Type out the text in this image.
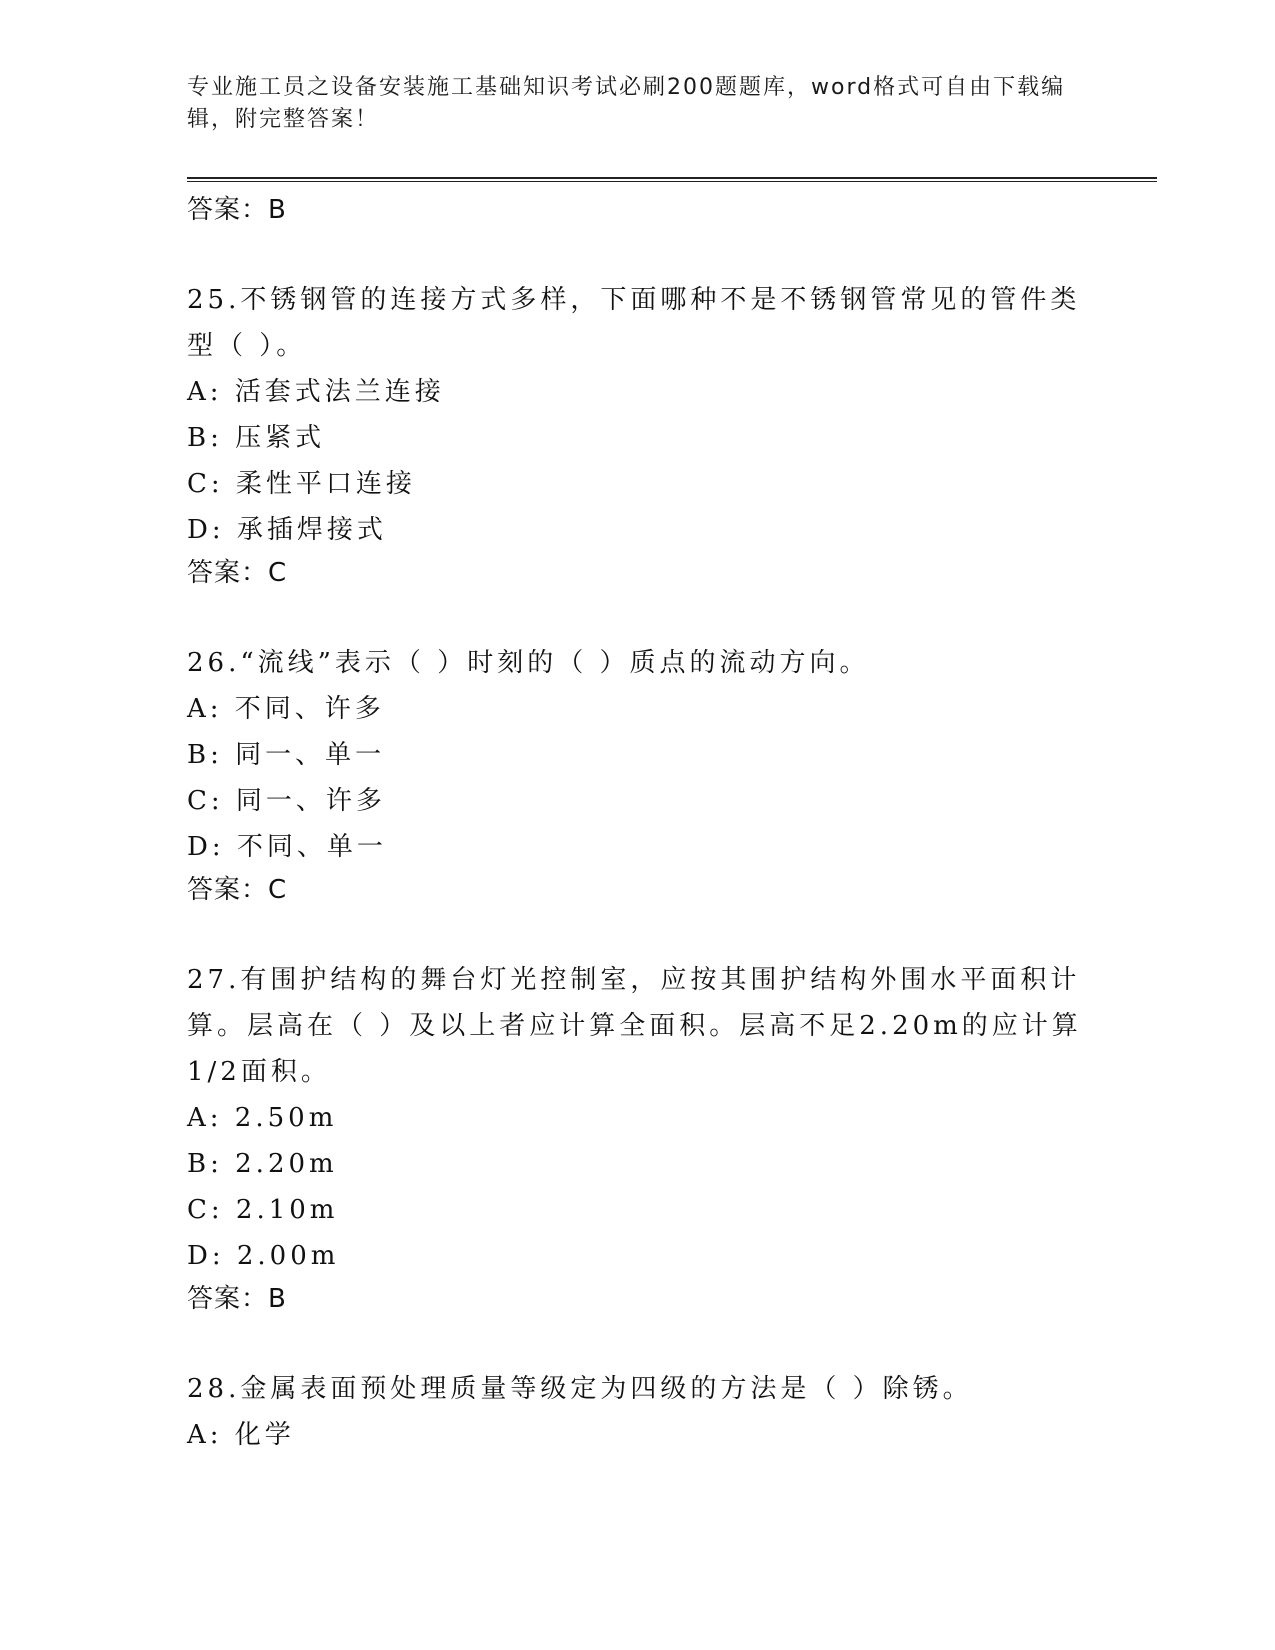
专业施工员之设备安装施工基础知识考试必刷200题题库，word格式可自由下载编辑，附完整答案！
答案：B
25.不锈钢管的连接方式多样，下面哪种不是不锈钢管常见的管件类型（ ）。
A: 活套式法兰连接
B: 压紧式
C: 柔性平口连接
D: 承插焊接式
答案：C
26.“流线”表示（ ）时刻的（ ）质点的流动方向。
A: 不同、许多
B: 同一、单一
C: 同一、许多
D: 不同、单一
答案：C
27.有围护结构的舞台灯光控制室，应按其围护结构外围水平面积计算。层高在（ ）及以上者应计算全面积。层高不足2.20m的应计算1/2面积。
A: 2.50m
B: 2.20m
C: 2.10m
D: 2.00m
答案：B
28.金属表面预处理质量等级定为四级的方法是（ ）除锈。
A: 化学
